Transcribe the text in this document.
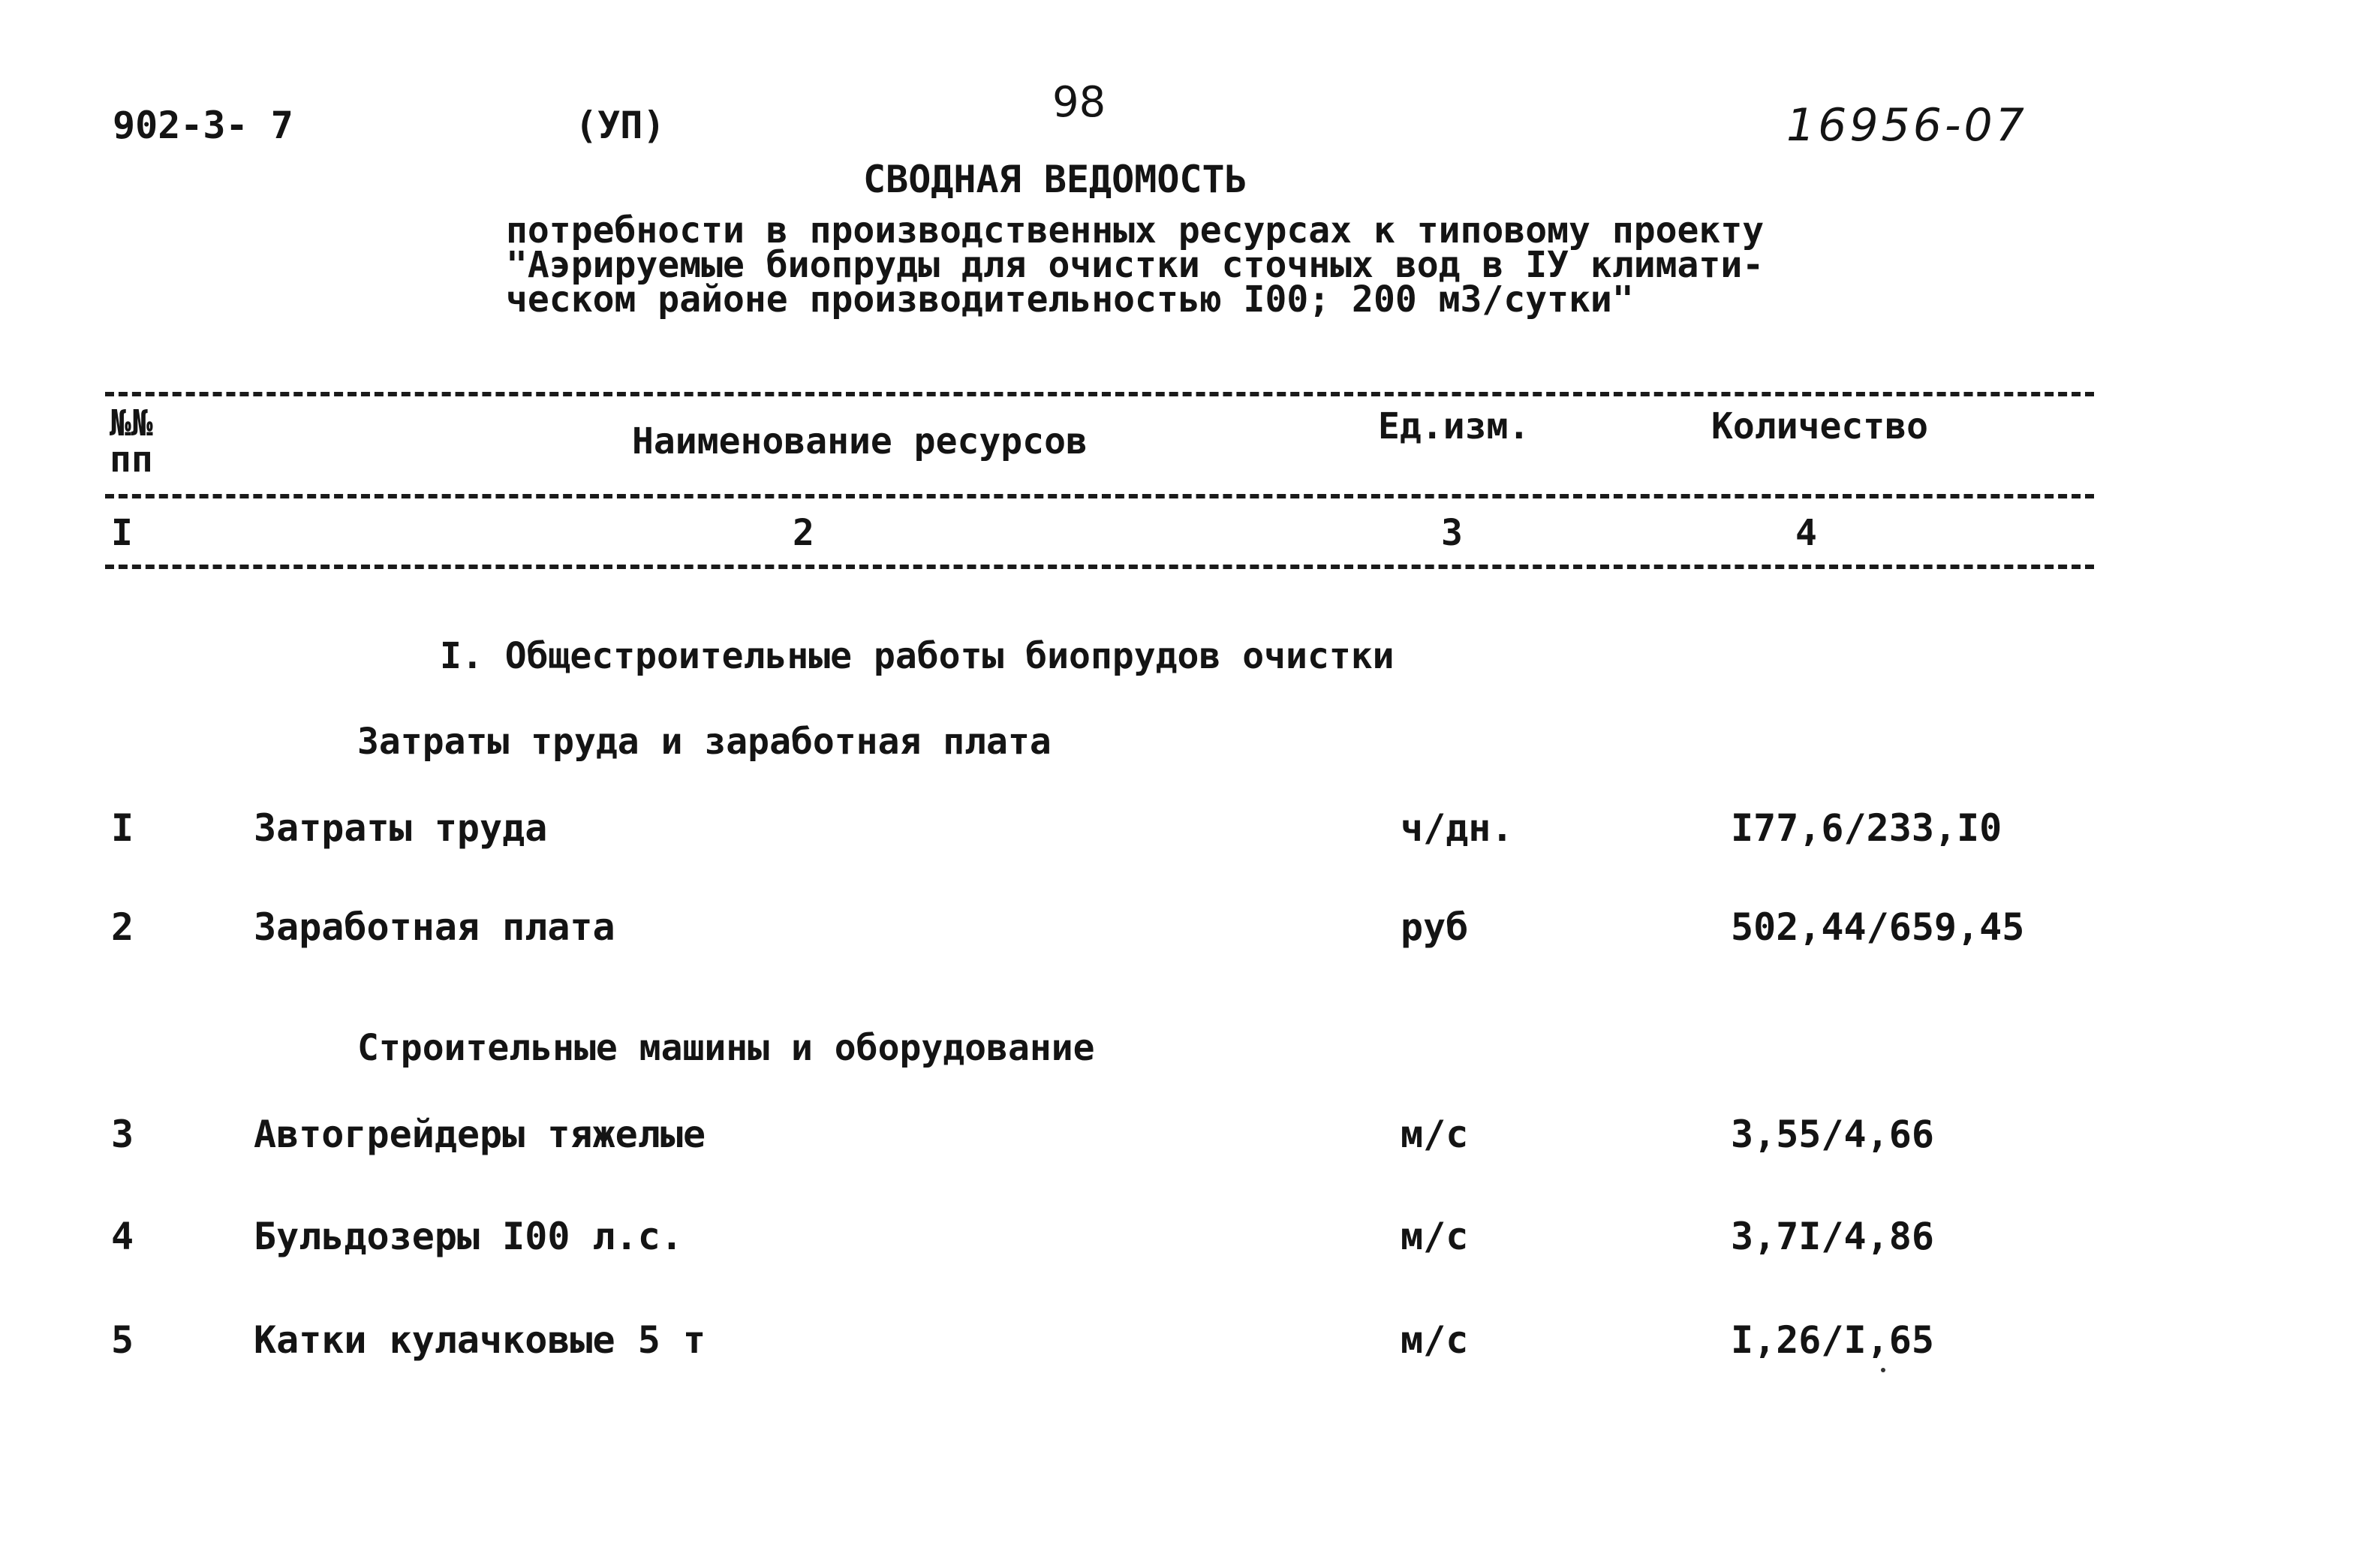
902-3- 7	(УП)	98	16956-07
СВОДНАЯ ВЕДОМОСТЬ
потребности в производственных ресурсах к типовому проекту
"Аэрируемые биопруды для очистки сточных вод в IУ климати-
ческом районе производительностью I00; 200 м3/сутки"
№№
пп	Наименование ресурсов	Ед.изм.	Количество
I	2	3	4
I. Общестроительные работы биопрудов очистки
Затраты труда и заработная плата
I	Затраты труда	ч/дн.	I77,6/233,I0
2	Заработная плата	руб	502,44/659,45
Строительные машины и оборудование
3	Автогрейдеры тяжелые	м/с	3,55/4,66
4	Бульдозеры I00 л.с.	м/с	3,7I/4,86
5	Катки кулачковые 5 т	м/с	I,26/I,65
